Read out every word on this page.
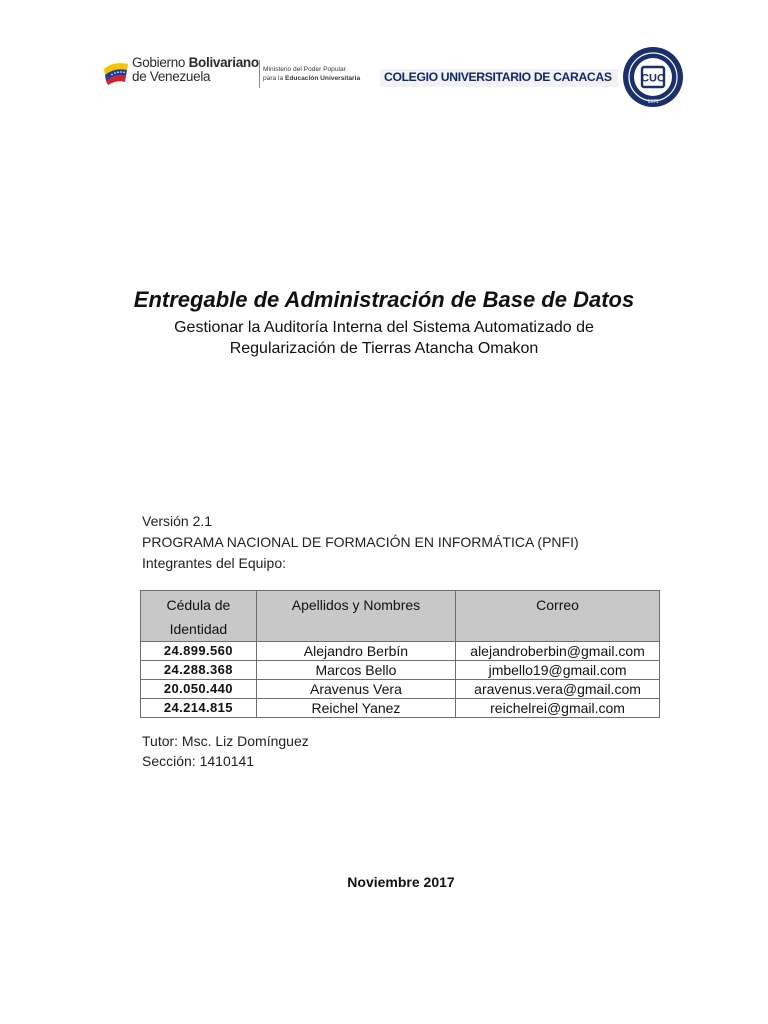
Gobierno Bolivariano
de Venezuela	Ministerio del Poder Popular
para la Educación Universitaria COLEGIO UNIVERSITARIO DE CARACAS	CUC
1971
Entregable de Administración de Base de Datos
Gestionar la Auditoría Interna del Sistema Automatizado de
Regularización de Tierras Atancha Omakon
Versión 2.1
PROGRAMA NACIONAL DE FORMACIÓN EN INFORMÁTICA (PNFI)
Integrantes del Equipo:
Cédula de
Identidad	Apellidos y Nombres	Correo
24.899.560	Alejandro Berbín	alejandroberbin@gmail.com
24.288.368	Marcos Bello	jmbello19@gmail.com
20.050.440	Aravenus Vera	aravenus.vera@gmail.com
24.214.815	Reichel Yanez	reichelrei@gmail.com
Tutor: Msc. Liz Domínguez
Sección: 1410141
Noviembre 2017
